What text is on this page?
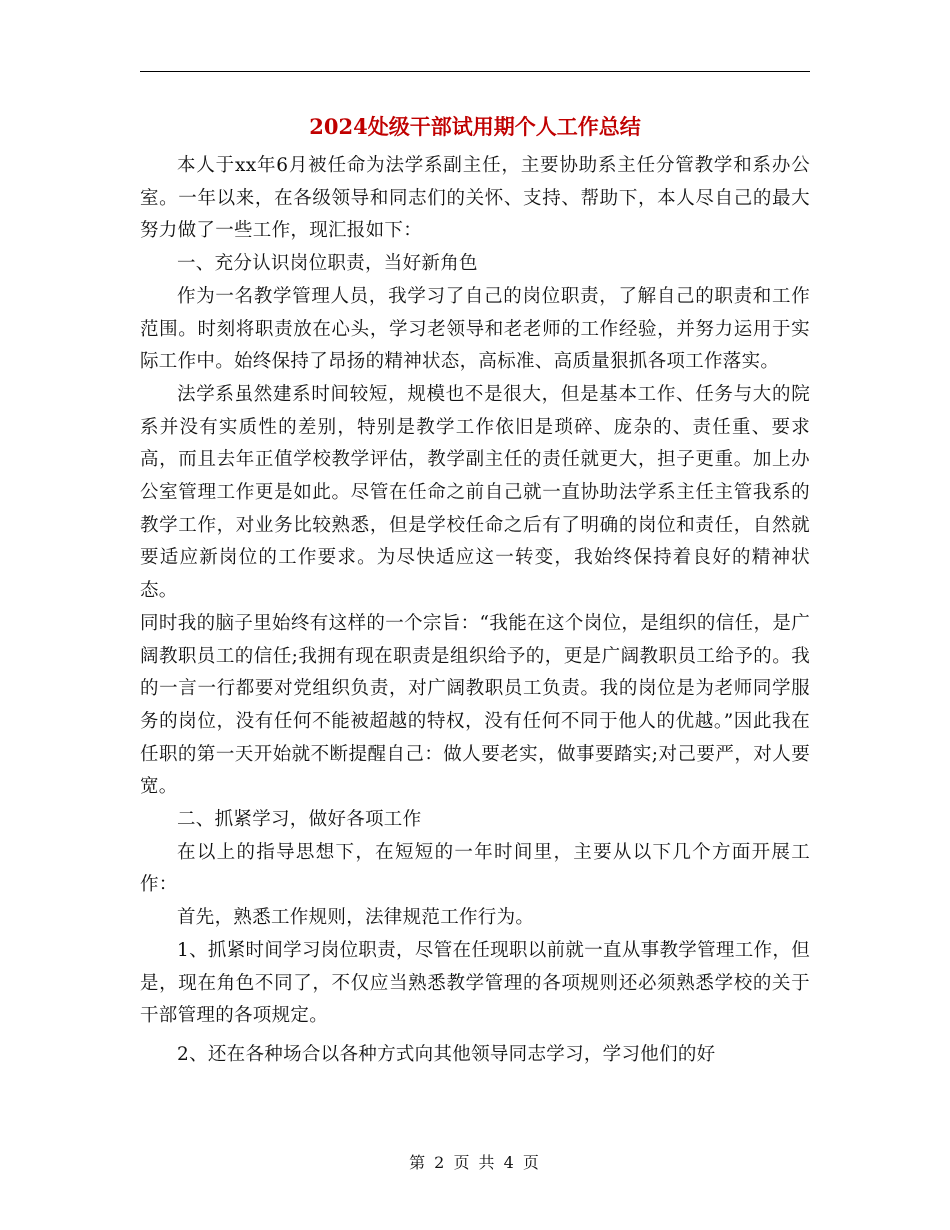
2024处级干部试用期个人工作总结

本人于xx年6月被任命为法学系副主任，主要协助系主任分管教学和系办公室。一年以来，在各级领导和同志们的关怀、支持、帮助下，本人尽自己的最大努力做了一些工作，现汇报如下：

一、充分认识岗位职责，当好新角色

作为一名教学管理人员，我学习了自己的岗位职责，了解自己的职责和工作范围。时刻将职责放在心头，学习老领导和老老师的工作经验，并努力运用于实际工作中。始终保持了昂扬的精神状态，高标准、高质量狠抓各项工作落实。

法学系虽然建系时间较短，规模也不是很大，但是基本工作、任务与大的院系并没有实质性的差别，特别是教学工作依旧是琐碎、庞杂的、责任重、要求高，而且去年正值学校教学评估，教学副主任的责任就更大，担子更重。加上办公室管理工作更是如此。尽管在任命之前自己就一直协助法学系主任主管我系的教学工作，对业务比较熟悉，但是学校任命之后有了明确的岗位和责任，自然就要适应新岗位的工作要求。为尽快适应这一转变，我始终保持着良好的精神状态。

同时我的脑子里始终有这样的一个宗旨：“我能在这个岗位，是组织的信任，是广阔教职员工的信任;我拥有现在职责是组织给予的，更是广阔教职员工给予的。我的一言一行都要对党组织负责，对广阔教职员工负责。我的岗位是为老师同学服务的岗位，没有任何不能被超越的特权，没有任何不同于他人的优越。”因此我在任职的第一天开始就不断提醒自己：做人要老实，做事要踏实;对己要严，对人要宽。

二、抓紧学习，做好各项工作

在以上的指导思想下，在短短的一年时间里，主要从以下几个方面开展工作：

首先，熟悉工作规则，法律规范工作行为。

1、抓紧时间学习岗位职责，尽管在任现职以前就一直从事教学管理工作，但是，现在角色不同了，不仅应当熟悉教学管理的各项规则还必须熟悉学校的关于干部管理的各项规定。

2、还在各种场合以各种方式向其他领导同志学习，学习他们的好

第 2 页 共 4 页
